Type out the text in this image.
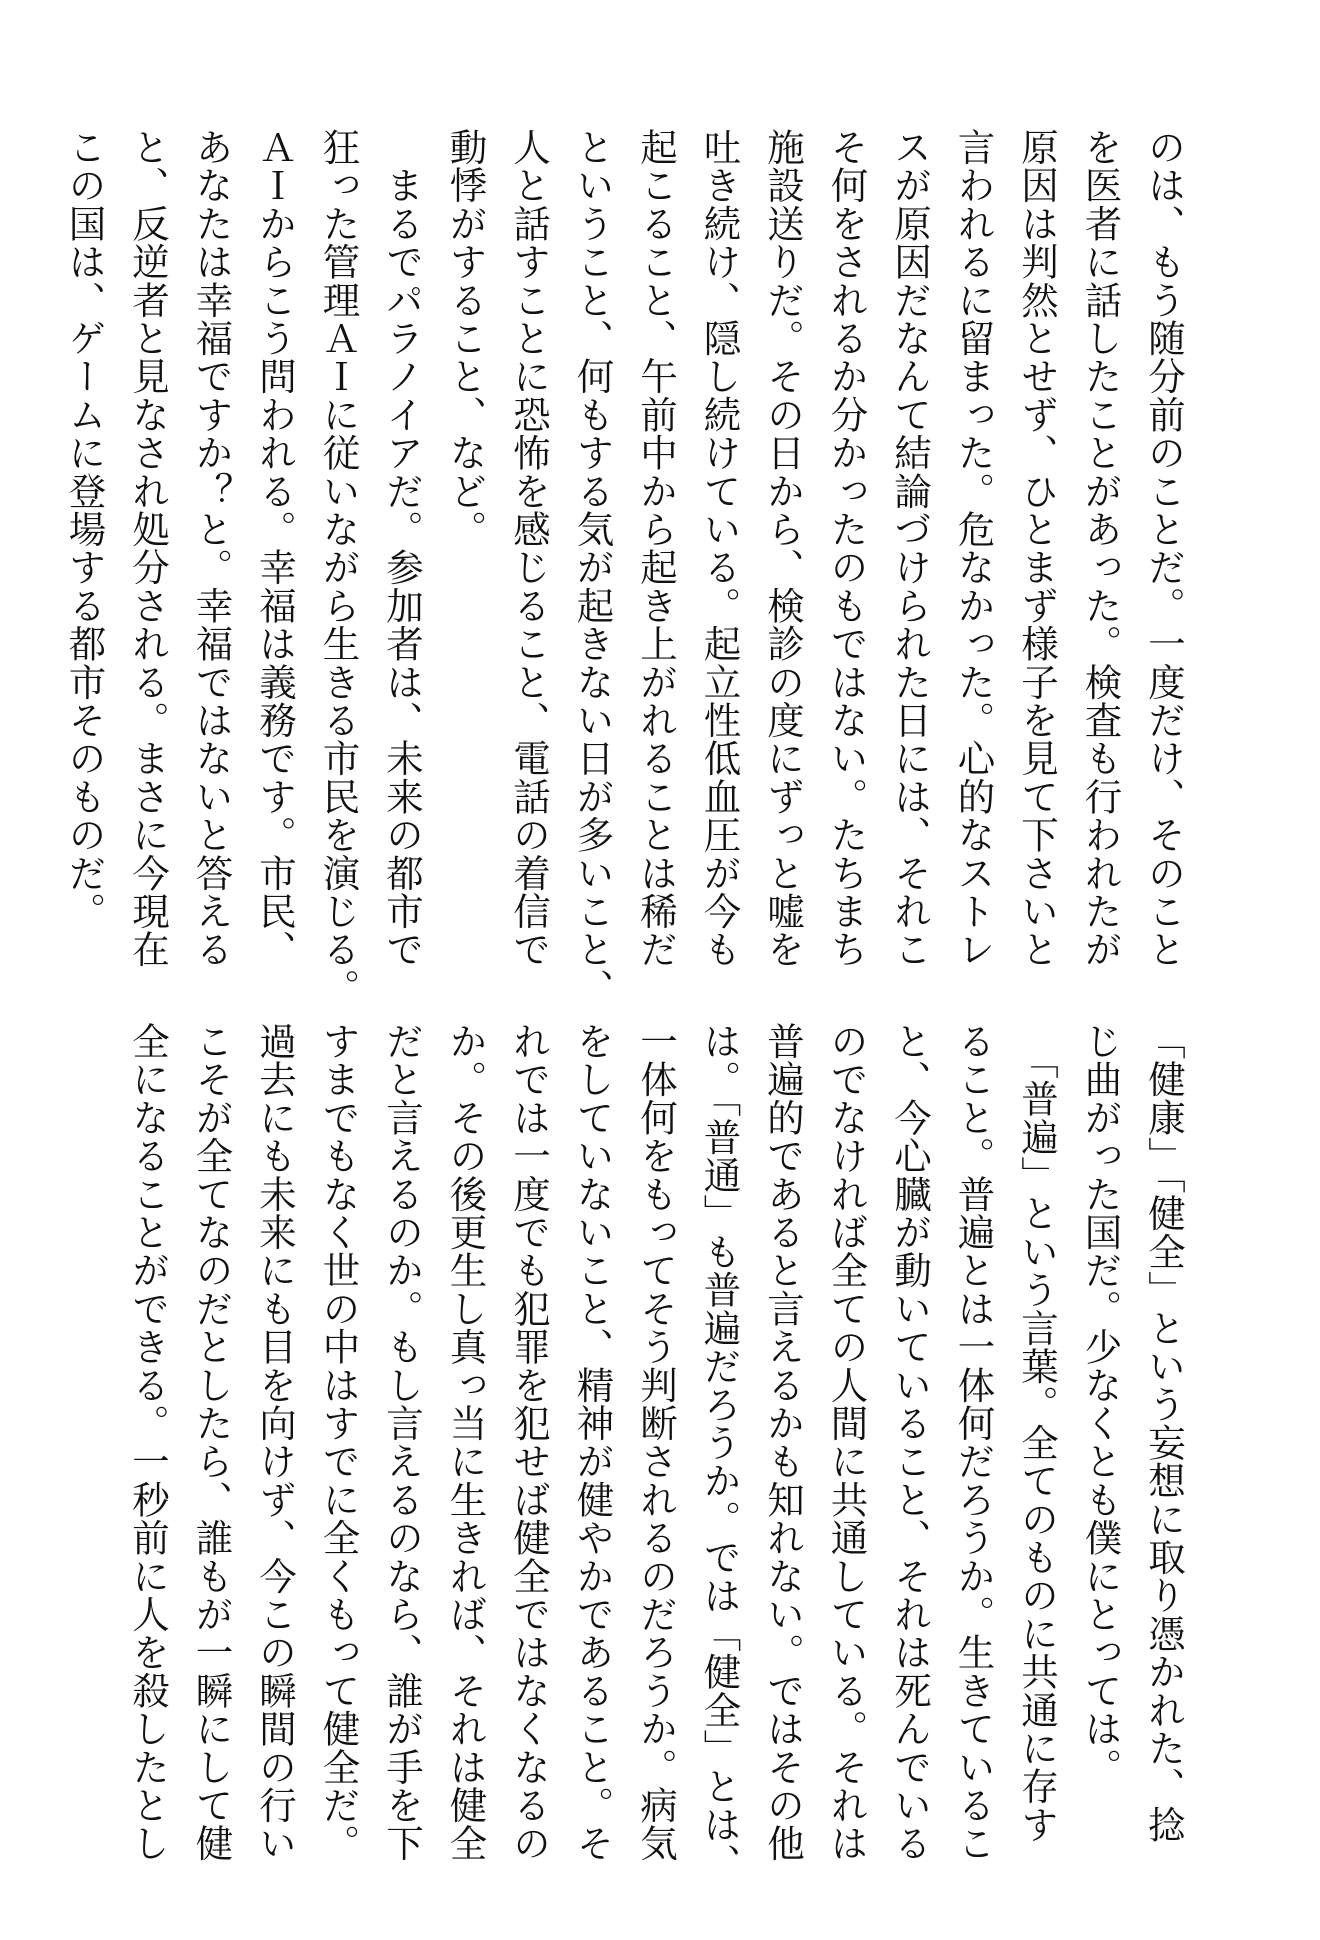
のは、もう随分前のことだ。一度だけ、そのこと
を医者に話したことがあった。検査も行われたが
原因は判然とせず、ひとまず様子を見て下さいと
言われるに留まった。危なかった。心的なストレ
スが原因だなんて結論づけられた日には、それこ
そ何をされるか分かったのもではない。たちまち
施設送りだ。その日から、検診の度にずっと嘘を
吐き続け、隠し続けている。起立性低血圧が今も
起こること、午前中から起き上がれることは稀だ
ということ、何もする気が起きない日が多いこと、
人と話すことに恐怖を感じること、電話の着信で
動悸がすること、など。
　まるでパラノイアだ。参加者は、未来の都市で
狂った管理ＡＩに従いながら生きる市民を演じる。
ＡＩからこう問われる。幸福は義務です。市民、
あなたは幸福ですか？と。幸福ではないと答える
と、反逆者と見なされ処分される。まさに今現在
この国は、ゲームに登場する都市そのものだ。
「健康」「健全」という妄想に取り憑かれた、捻
じ曲がった国だ。少なくとも僕にとっては。
　「普遍」という言葉。全てのものに共通に存す
ること。普遍とは一体何だろうか。生きているこ
と、今心臓が動いていること、それは死んでいる
のでなければ全ての人間に共通している。それは
普遍的であると言えるかも知れない。ではその他
は。「普通」も普遍だろうか。では「健全」とは、
一体何をもってそう判断されるのだろうか。病気
をしていないこと、精神が健やかであること。そ
れでは一度でも犯罪を犯せば健全ではなくなるの
か。その後更生し真っ当に生きれば、それは健全
だと言えるのか。もし言えるのなら、誰が手を下
すまでもなく世の中はすでに全くもって健全だ。
過去にも未来にも目を向けず、今この瞬間の行い
こそが全てなのだとしたら、誰もが一瞬にして健
全になることができる。一秒前に人を殺したとし
